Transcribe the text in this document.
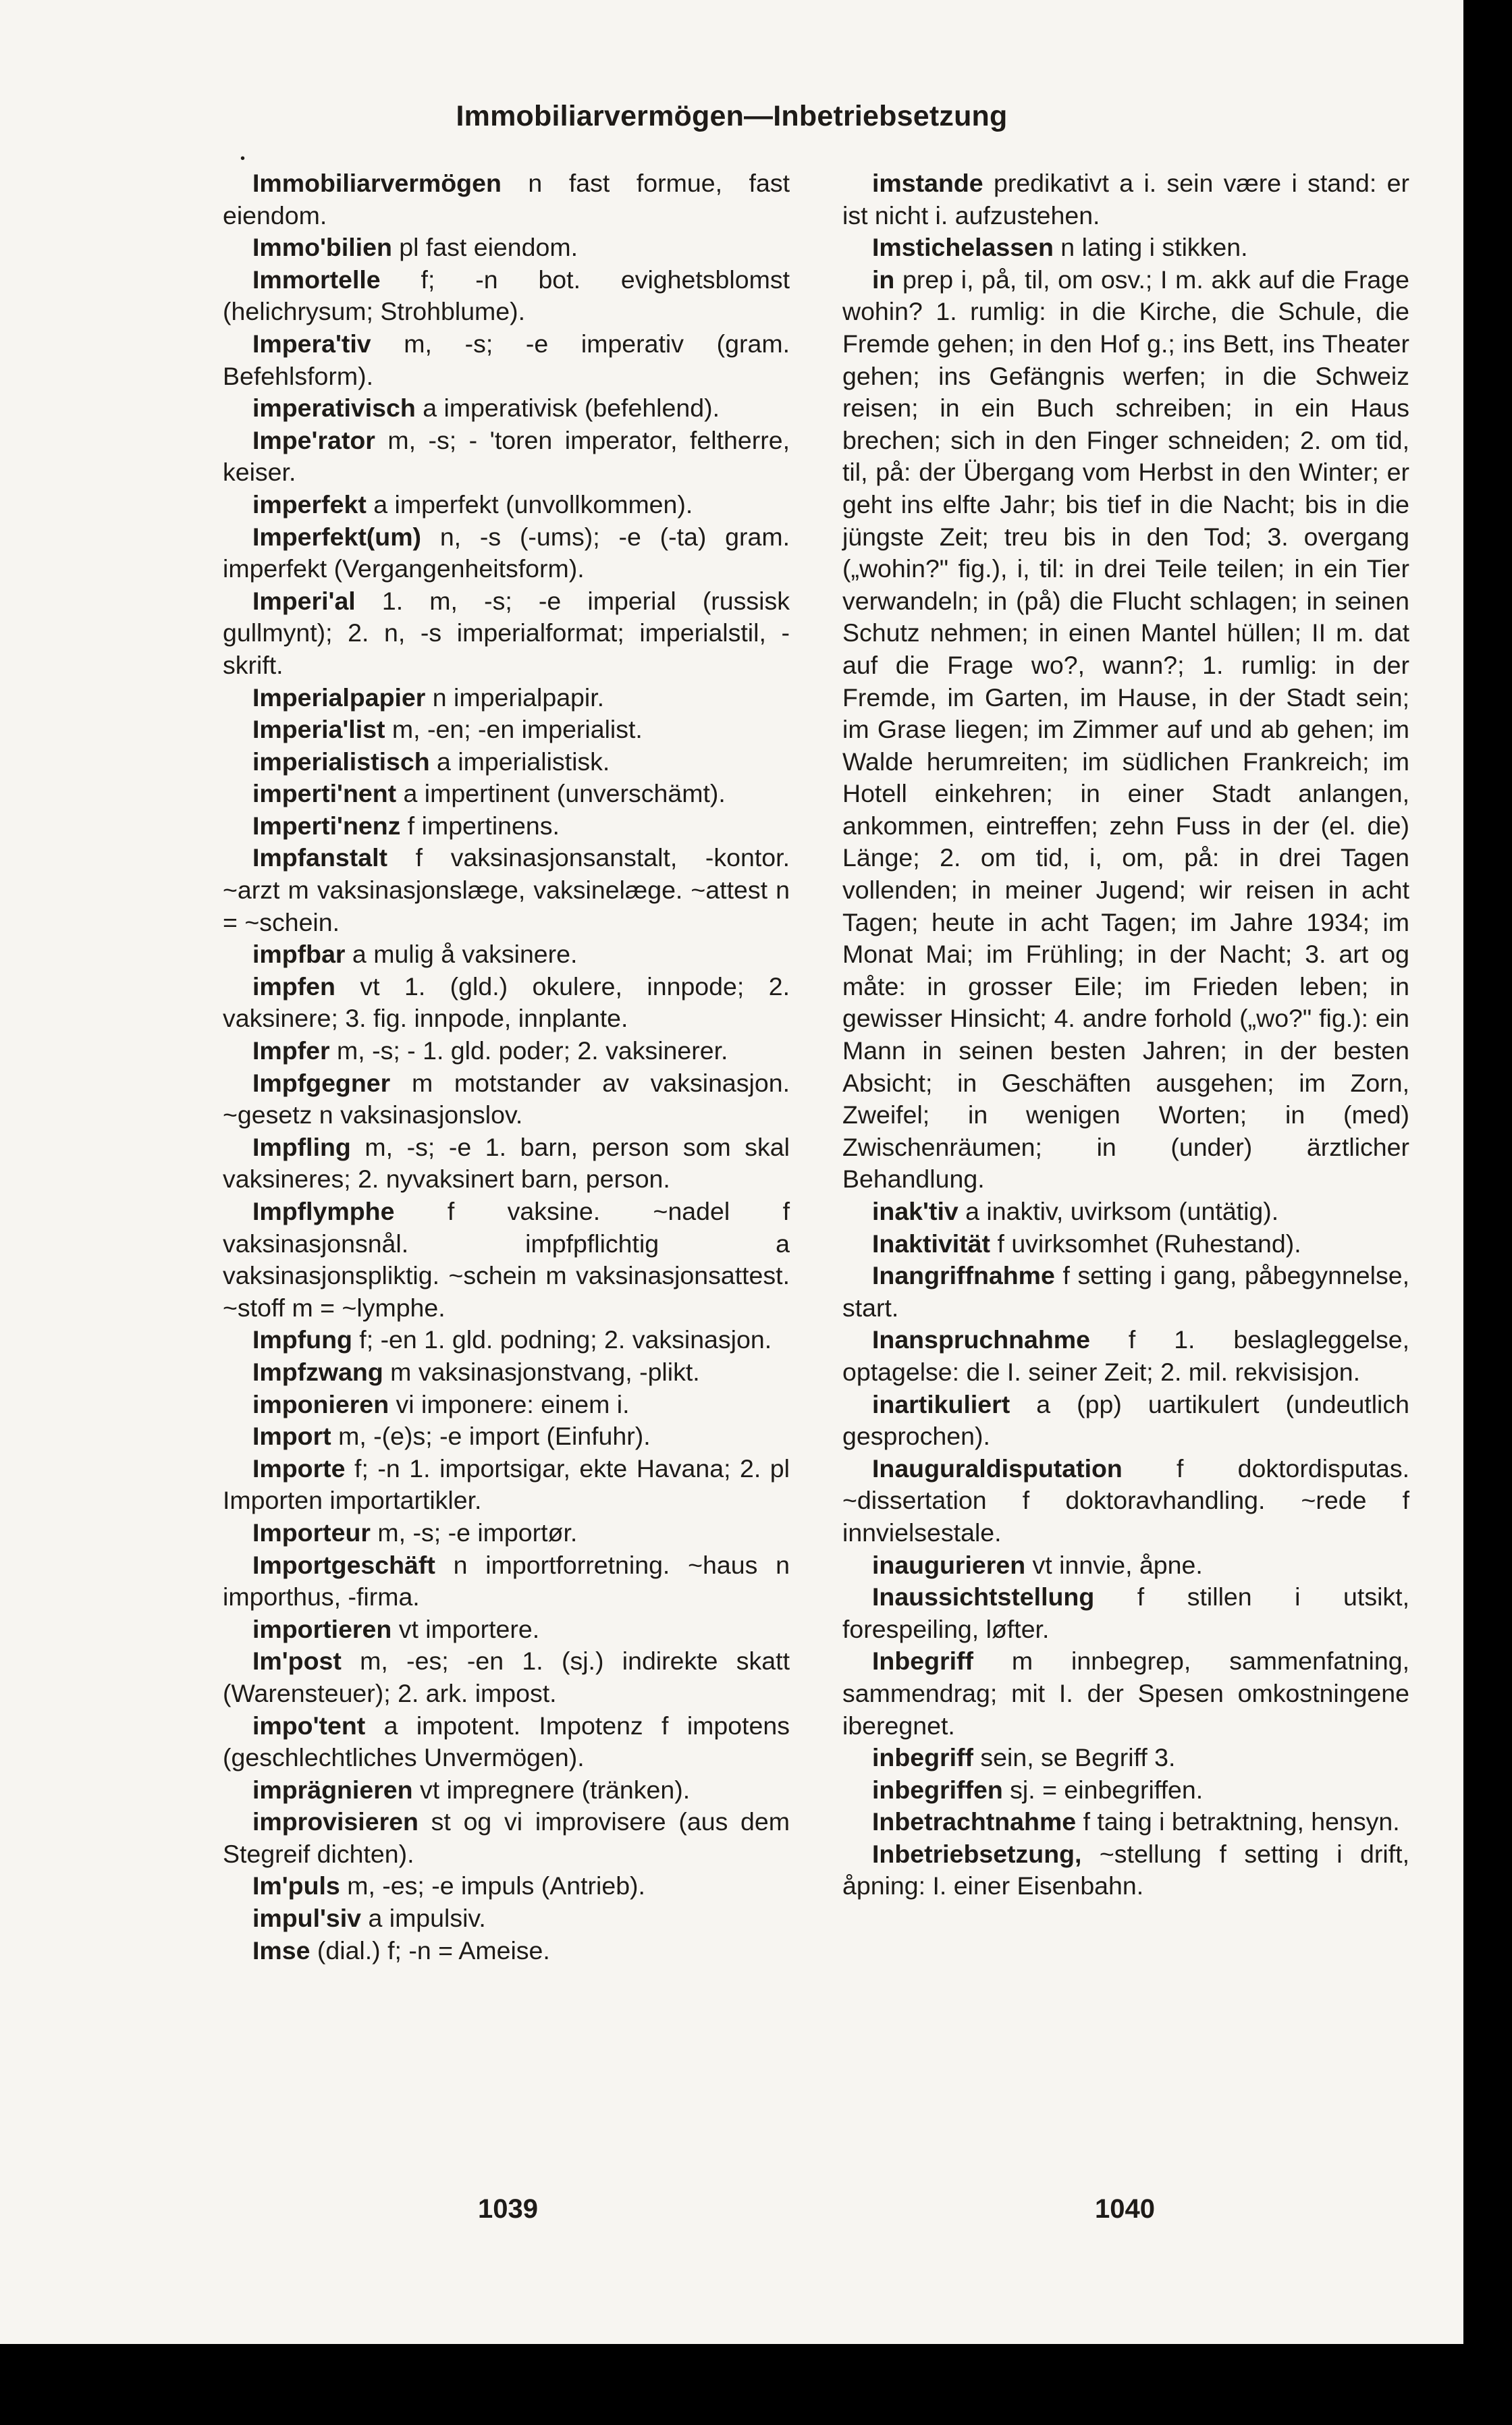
Immobiliarvermögen—Inbetriebsetzung
•
Immobiliarvermögen n fast formue, fast eiendom.
Immo'bilien pl fast eiendom.
Immortelle f; -n bot. evighetsblomst (helichrysum; Strohblume).
Impera'tiv m, -s; -e imperativ (gram. Befehlsform).
imperativisch a imperativisk (befehlend).
Impe'rator m, -s; - 'toren imperator, feltherre, keiser.
imperfekt a imperfekt (unvollkommen).
Imperfekt(um) n, -s (-ums); -e (-ta) gram. imperfekt (Vergangenheitsform).
Imperi'al 1. m, -s; -e imperial (russisk gullmynt); 2. n, -s imperialformat; imperialstil, -skrift.
Imperialpapier n imperialpapir.
Imperia'list m, -en; -en imperialist.
imperialistisch a imperialistisk.
imperti'nent a impertinent (unverschämt).
Imperti'nenz f impertinens.
Impfanstalt f vaksinasjonsanstalt, -kontor. ~arzt m vaksinasjonslæge, vaksinelæge. ~attest n = ~schein.
impfbar a mulig å vaksinere.
impfen vt 1. (gld.) okulere, innpode; 2. vaksinere; 3. fig. innpode, innplante.
Impfer m, -s; - 1. gld. poder; 2. vaksinerer.
Impfgegner m motstander av vaksinasjon. ~gesetz n vaksinasjonslov.
Impfling m, -s; -e 1. barn, person som skal vaksineres; 2. nyvaksinert barn, person.
Impflymphe f vaksine. ~nadel f vaksinasjonsnål. impfpflichtig a vaksinasjonspliktig. ~schein m vaksinasjonsattest. ~stoff m = ~lymphe.
Impfung f; -en 1. gld. podning; 2. vaksinasjon.
Impfzwang m vaksinasjonstvang, -plikt.
imponieren vi imponere: einem i.
Import m, -(e)s; -e import (Einfuhr).
Importe f; -n 1. importsigar, ekte Havana; 2. pl Importen importartikler.
Importeur m, -s; -e importør.
Importgeschäft n importforretning. ~haus n importhus, -firma.
importieren vt importere.
Im'post m, -es; -en 1. (sj.) indirekte skatt (Warensteuer); 2. ark. impost.
impo'tent a impotent. Impotenz f impotens (geschlechtliches Unvermögen).
imprägnieren vt impregnere (tränken).
improvisieren st og vi improvisere (aus dem Stegreif dichten).
Im'puls m, -es; -e impuls (Antrieb).
impul'siv a impulsiv.
Imse (dial.) f; -n = Ameise.
imstande predikativt a i. sein være i stand: er ist nicht i. aufzustehen.
Imstichelassen n lating i stikken.
in prep i, på, til, om osv.; I m. akk auf die Frage wohin? 1. rumlig: in die Kirche, die Schule, die Fremde gehen; in den Hof g.; ins Bett, ins Theater gehen; ins Gefängnis werfen; in die Schweiz reisen; in ein Buch schreiben; in ein Haus brechen; sich in den Finger schneiden; 2. om tid, til, på: der Übergang vom Herbst in den Winter; er geht ins elfte Jahr; bis tief in die Nacht; bis in die jüngste Zeit; treu bis in den Tod; 3. overgang („wohin?" fig.), i, til: in drei Teile teilen; in ein Tier verwandeln; in (på) die Flucht schlagen; in seinen Schutz nehmen; in einen Mantel hüllen; II m. dat auf die Frage wo?, wann?; 1. rumlig: in der Fremde, im Garten, im Hause, in der Stadt sein; im Grase liegen; im Zimmer auf und ab gehen; im Walde herumreiten; im südlichen Frankreich; im Hotell einkehren; in einer Stadt anlangen, ankommen, eintreffen; zehn Fuss in der (el. die) Länge; 2. om tid, i, om, på: in drei Tagen vollenden; in meiner Jugend; wir reisen in acht Tagen; heute in acht Tagen; im Jahre 1934; im Monat Mai; im Frühling; in der Nacht; 3. art og måte: in grosser Eile; im Frieden leben; in gewisser Hinsicht; 4. andre forhold („wo?" fig.): ein Mann in seinen besten Jahren; in der besten Absicht; in Geschäften ausgehen; im Zorn, Zweifel; in wenigen Worten; in (med) Zwischenräumen; in (under) ärztlicher Behandlung.
inak'tiv a inaktiv, uvirksom (untätig).
Inaktivität f uvirksomhet (Ruhestand).
Inangriffnahme f setting i gang, påbegynnelse, start.
Inanspruchnahme f 1. beslagleggelse, optagelse: die I. seiner Zeit; 2. mil. rekvisisjon.
inartikuliert a (pp) uartikulert (undeutlich gesprochen).
Inauguraldisputation f doktordisputas. ~dissertation f doktoravhandling. ~rede f innvielsestale.
inaugurieren vt innvie, åpne.
Inaussichtstellung f stillen i utsikt, forespeiling, løfter.
Inbegriff m innbegrep, sammenfatning, sammendrag; mit I. der Spesen omkostningene iberegnet.
inbegriff sein, se Begriff 3.
inbegriffen sj. = einbegriffen.
Inbetrachtnahme f taing i betraktning, hensyn.
Inbetriebsetzung, ~stellung f setting i drift, åpning: I. einer Eisenbahn.
1039	1040
